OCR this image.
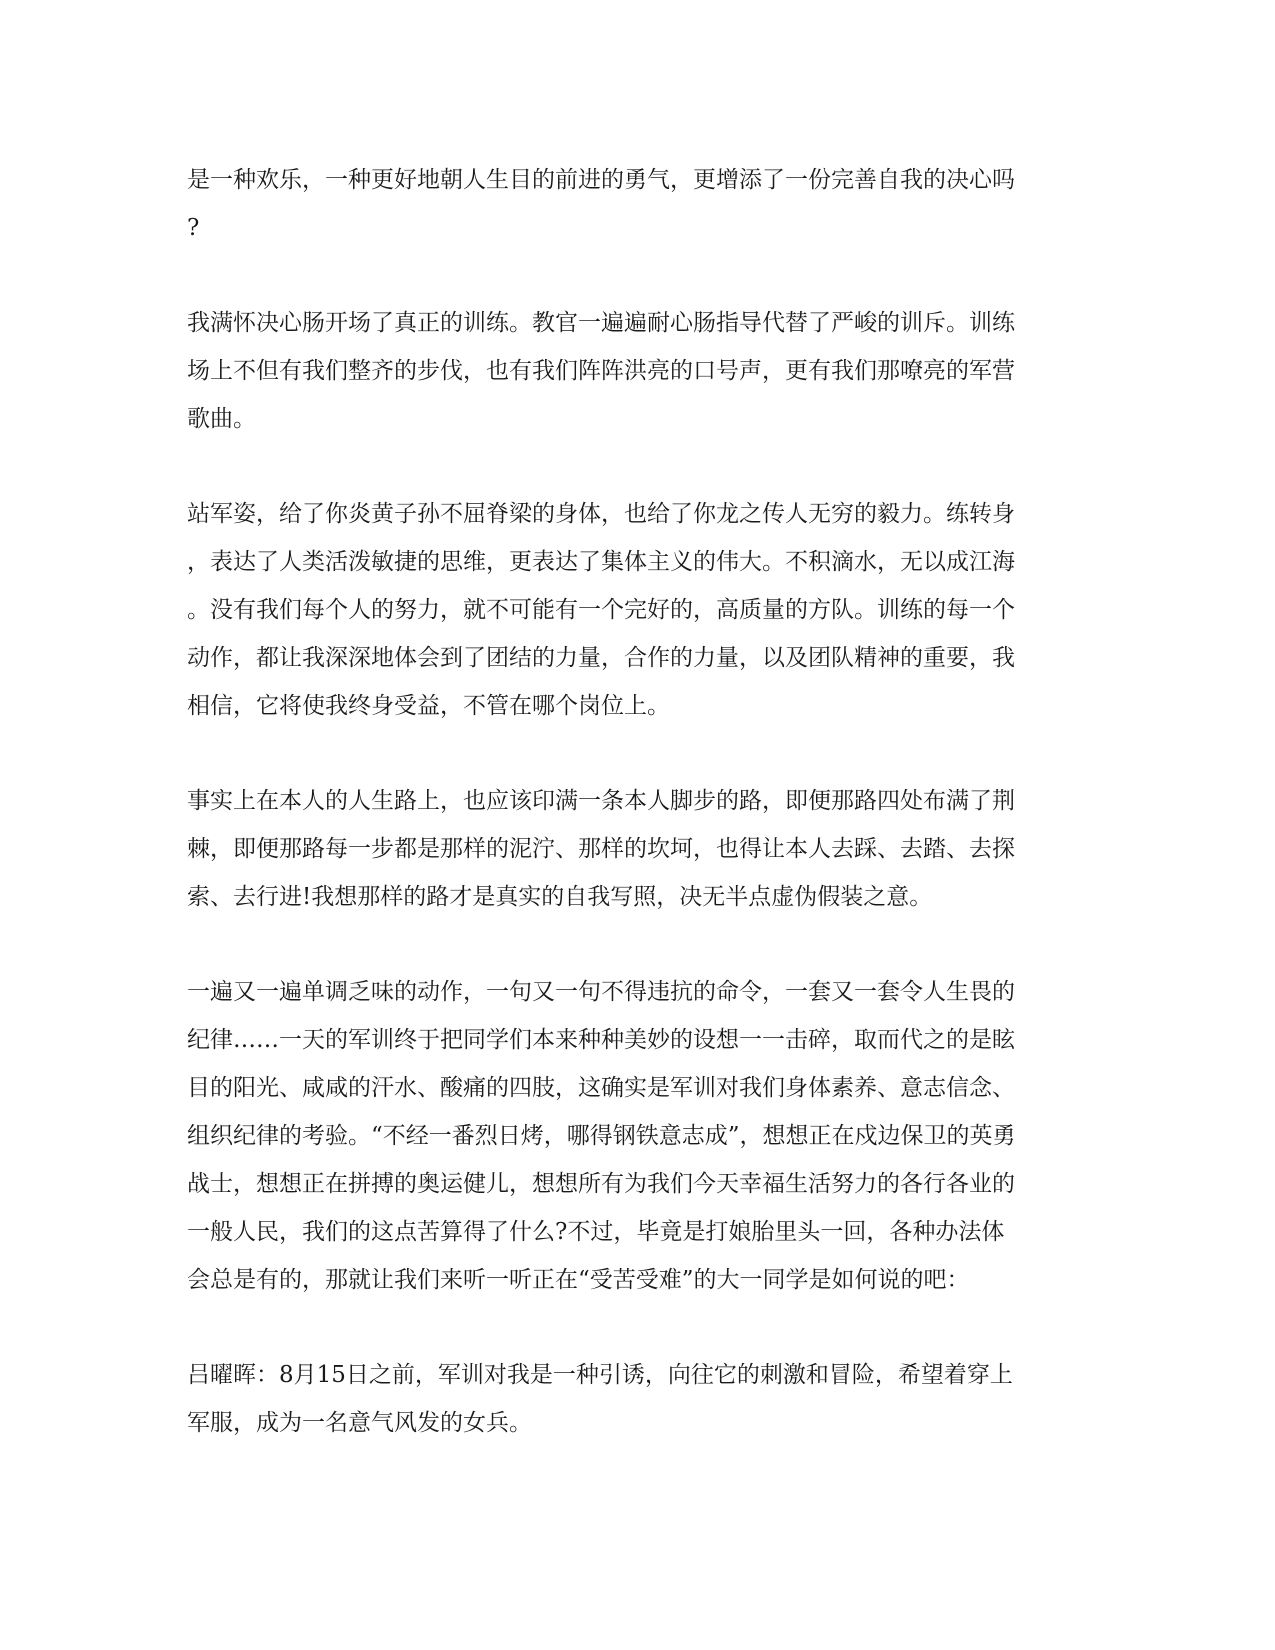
是一种欢乐，一种更好地朝人生目的前进的勇气，更增添了一份完善自我的决心吗
?

我满怀决心肠开场了真正的训练。教官一遍遍耐心肠指导代替了严峻的训斥。训练
场上不但有我们整齐的步伐，也有我们阵阵洪亮的口号声，更有我们那嘹亮的军营
歌曲。

站军姿，给了你炎黄子孙不屈脊梁的身体，也给了你龙之传人无穷的毅力。练转身
，表达了人类活泼敏捷的思维，更表达了集体主义的伟大。不积滴水，无以成江海
。没有我们每个人的努力，就不可能有一个完好的，高质量的方队。训练的每一个
动作，都让我深深地体会到了团结的力量，合作的力量，以及团队精神的重要，我
相信，它将使我终身受益，不管在哪个岗位上。

事实上在本人的人生路上，也应该印满一条本人脚步的路，即便那路四处布满了荆
棘，即便那路每一步都是那样的泥泞、那样的坎坷，也得让本人去踩、去踏、去探
索、去行进!我想那样的路才是真实的自我写照，决无半点虚伪假装之意。

一遍又一遍单调乏味的动作，一句又一句不得违抗的命令，一套又一套令人生畏的
纪律……一天的军训终于把同学们本来种种美妙的设想一一击碎，取而代之的是眩
目的阳光、咸咸的汗水、酸痛的四肢，这确实是军训对我们身体素养、意志信念、
组织纪律的考验。“不经一番烈日烤，哪得钢铁意志成”，想想正在戍边保卫的英勇
战士，想想正在拼搏的奥运健儿，想想所有为我们今天幸福生活努力的各行各业的
一般人民，我们的这点苦算得了什么?不过，毕竟是打娘胎里头一回，各种办法体
会总是有的，那就让我们来听一听正在“受苦受难”的大一同学是如何说的吧：

吕曜晖：8月15日之前，军训对我是一种引诱，向往它的刺激和冒险，希望着穿上
军服，成为一名意气风发的女兵。
